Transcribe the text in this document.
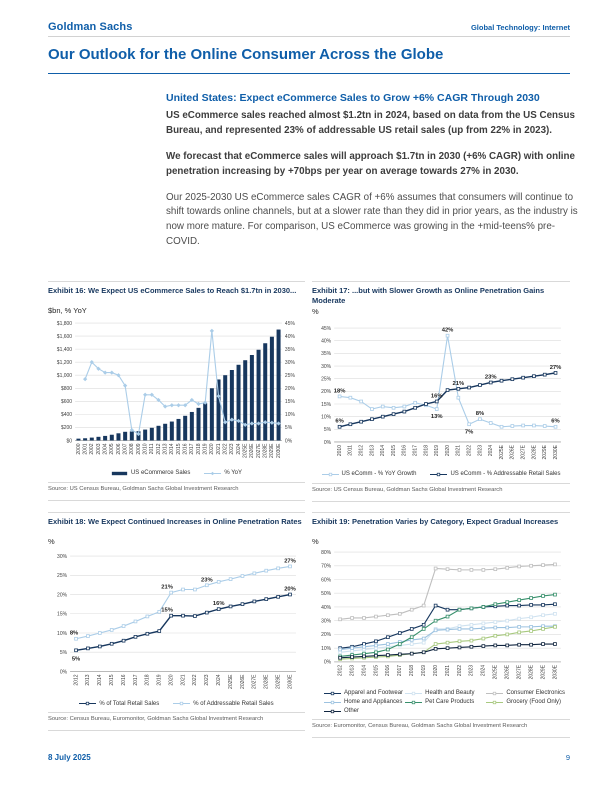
Goldman Sachs	Global Technology: Internet
Our Outlook for the Online Consumer Across the Globe
United States: Expect eCommerce Sales to Grow +6% CAGR Through 2030

US eCommerce sales reached almost $1.2tn in 2024, based on data from the US Census Bureau, and represented 23% of addressable US retail sales (up from 22% in 2023).

We forecast that eCommerce sales will approach $1.7tn in 2030 (+6% CAGR) with online penetration increasing by +70bps per year on average towards 27% in 2030.

Our 2025-2030 US eCommerce sales CAGR of +6% assumes that consumers will continue to shift towards online channels, but at a slower rate than they did in prior years, as the industry is now more mature. For comparison, US eCommerce was growing in the +mid-teens% pre-COVID.

Exhibit 16: We Expect US eCommerce Sales to Reach $1.7tn in 2030...
$bn, % YoY
$0
$200
$400
$600
$800
$1,000
$1,200
$1,400
$1,600
$1,800
0%
5%
10%
15%
20%
25%
30%
35%
40%
45%
2000 2001 2002 2003 2004 2005 2006 2007 2008 2009 2010 2011 2012 2013 2014 2015 2016 2017 2018 2019 2020 2021 2022 2023 2024 2025E 2026E 2027E 2028E 2029E 2030E
US eCommerce Sales	% YoY
Source: US Census Bureau, Goldman Sachs Global Investment Research
Exhibit 17: ...but with Slower Growth as Online Penetration Gains Moderate
%
0%
5%
10%
15%
20%
25%
30%
35%
40%
45%
2010 2011 2012 2013 2014 2015 2016 2017 2018 2019 2020 2021 2022 2023 2024 2025E 2026E 2027E 2028E 2029E 2030E
18%
6%
16%
13%
42%
21%
7%
8%
23%
27%
6%
US eComm - % YoY Growth	US eComm - % Addressable Retail Sales
Source: US Census Bureau, Goldman Sachs Global Investment Research
Exhibit 18: We Expect Continued Increases in Online Penetration Rates
%
0%
5%
10%
15%
20%
25%
30%
2012 2013 2014 2015 2016 2017 2018 2019 2020 2021 2022 2023 2024 2025E 2026E 2027E 2028E 2029E 2030E
5%
8%
15%
21%
23%
16%
27%
20%
% of Total Retail Sales	% of Addressable Retail Sales
Source: Census Bureau, Euromonitor, Goldman Sachs Global Investment Research
Exhibit 19: Penetration Varies by Category, Expect Gradual Increases
%
0%
10%
20%
30%
40%
50%
60%
70%
80%
2012 2013 2014 2015 2016 2017 2018 2019 2020 2021 2022 2023 2024 2025E 2026E 2027E 2028E 2029E 2030E
Apparel and Footwear	Health and Beauty	Consumer Electronics
Home and Appliances	Pet Care Products	Grocery (Food Only)
Other
Source: Euromonitor, Census Bureau, Goldman Sachs Global Investment Research
8 July 2025	9
